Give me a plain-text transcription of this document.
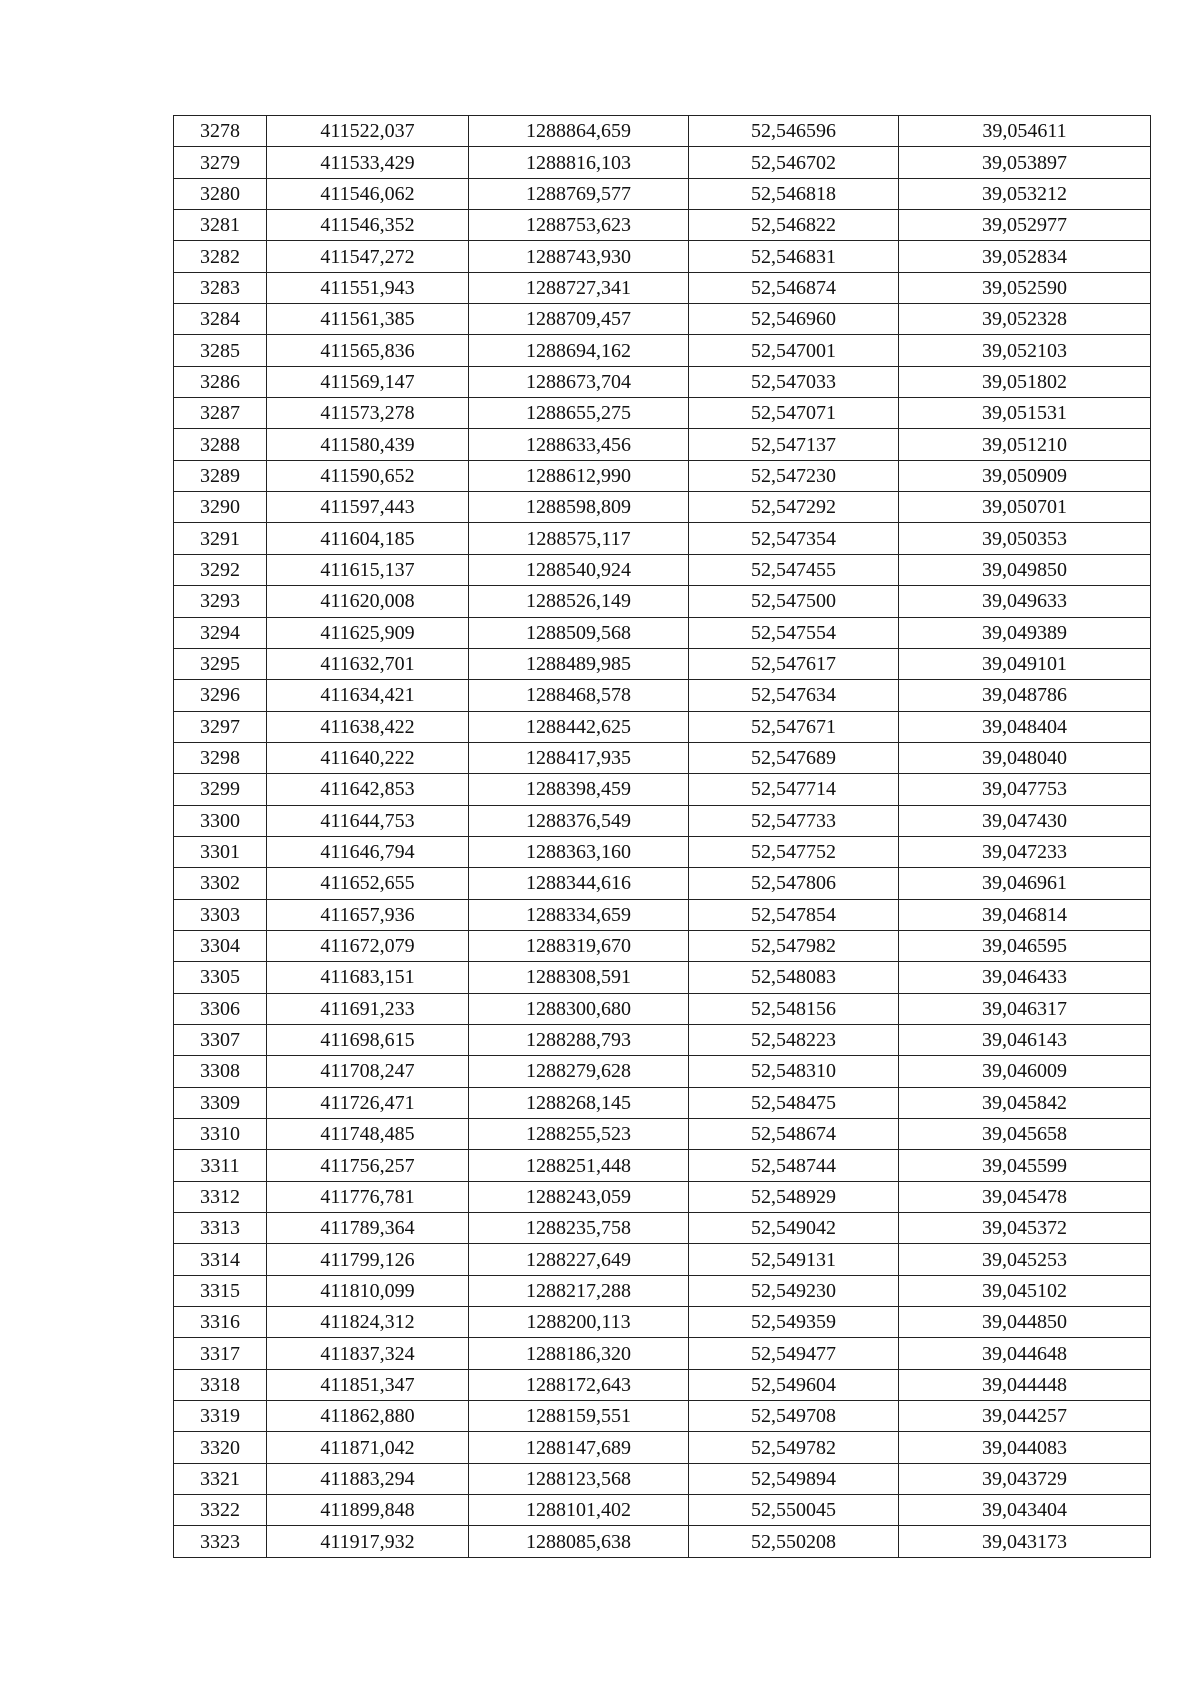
3278	411522,037	1288864,659	52,546596	39,054611
3279	411533,429	1288816,103	52,546702	39,053897
3280	411546,062	1288769,577	52,546818	39,053212
3281	411546,352	1288753,623	52,546822	39,052977
3282	411547,272	1288743,930	52,546831	39,052834
3283	411551,943	1288727,341	52,546874	39,052590
3284	411561,385	1288709,457	52,546960	39,052328
3285	411565,836	1288694,162	52,547001	39,052103
3286	411569,147	1288673,704	52,547033	39,051802
3287	411573,278	1288655,275	52,547071	39,051531
3288	411580,439	1288633,456	52,547137	39,051210
3289	411590,652	1288612,990	52,547230	39,050909
3290	411597,443	1288598,809	52,547292	39,050701
3291	411604,185	1288575,117	52,547354	39,050353
3292	411615,137	1288540,924	52,547455	39,049850
3293	411620,008	1288526,149	52,547500	39,049633
3294	411625,909	1288509,568	52,547554	39,049389
3295	411632,701	1288489,985	52,547617	39,049101
3296	411634,421	1288468,578	52,547634	39,048786
3297	411638,422	1288442,625	52,547671	39,048404
3298	411640,222	1288417,935	52,547689	39,048040
3299	411642,853	1288398,459	52,547714	39,047753
3300	411644,753	1288376,549	52,547733	39,047430
3301	411646,794	1288363,160	52,547752	39,047233
3302	411652,655	1288344,616	52,547806	39,046961
3303	411657,936	1288334,659	52,547854	39,046814
3304	411672,079	1288319,670	52,547982	39,046595
3305	411683,151	1288308,591	52,548083	39,046433
3306	411691,233	1288300,680	52,548156	39,046317
3307	411698,615	1288288,793	52,548223	39,046143
3308	411708,247	1288279,628	52,548310	39,046009
3309	411726,471	1288268,145	52,548475	39,045842
3310	411748,485	1288255,523	52,548674	39,045658
3311	411756,257	1288251,448	52,548744	39,045599
3312	411776,781	1288243,059	52,548929	39,045478
3313	411789,364	1288235,758	52,549042	39,045372
3314	411799,126	1288227,649	52,549131	39,045253
3315	411810,099	1288217,288	52,549230	39,045102
3316	411824,312	1288200,113	52,549359	39,044850
3317	411837,324	1288186,320	52,549477	39,044648
3318	411851,347	1288172,643	52,549604	39,044448
3319	411862,880	1288159,551	52,549708	39,044257
3320	411871,042	1288147,689	52,549782	39,044083
3321	411883,294	1288123,568	52,549894	39,043729
3322	411899,848	1288101,402	52,550045	39,043404
3323	411917,932	1288085,638	52,550208	39,043173
